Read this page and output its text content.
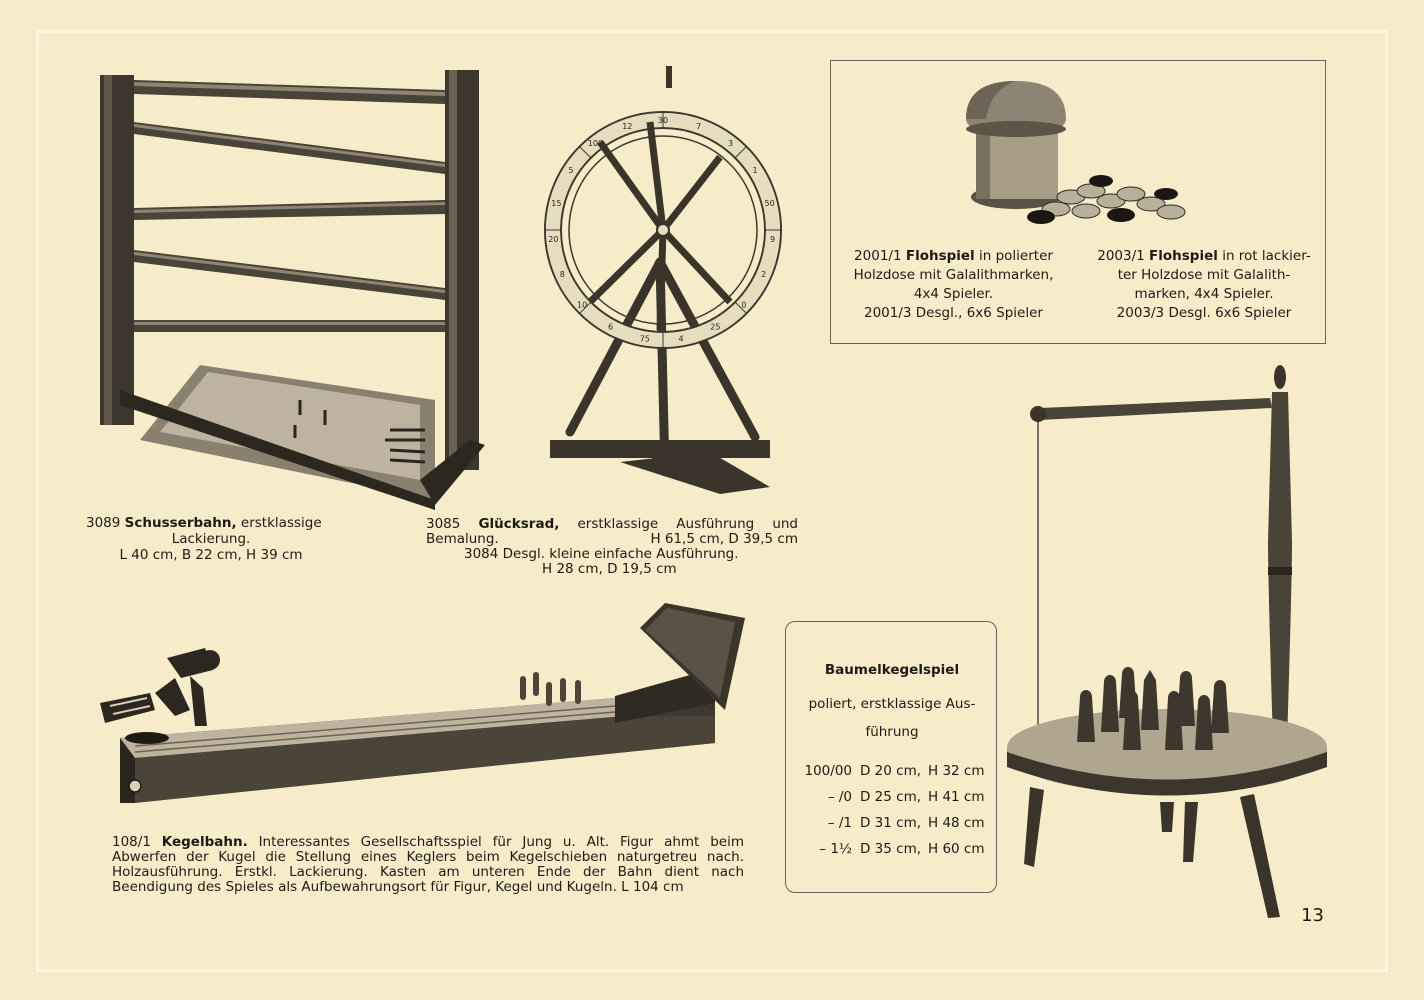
3089 Schusserbahn, erstklassige
Lackierung.
L 40 cm, B 22 cm, H 39 cm
30
7
3
1
50
9
2
0
25
4
75
6
10
8
20
15
5
100
12
3085 Glücksrad, erstklassige Ausführung und
Bemalung.	H 61,5 cm, D 39,5 cm
3084 Desgl. kleine einfache Ausführung.
H 28 cm, D 19,5 cm
2001/1 Flohspiel in polierter
Holzdose mit Galalithmarken,
4x4 Spieler.
2001/3 Desgl., 6x6 Spieler
2003/1 Flohspiel in rot lackier-
ter Holzdose mit Galalith-
marken, 4x4 Spieler.
2003/3 Desgl. 6x6 Spieler
108/1 Kegelbahn. Interessantes Gesellschaftsspiel für Jung u. Alt. Figur ahmt beim
Abwerfen der Kugel die Stellung eines Keglers beim Kegelschieben naturgetreu nach.
Holzausführung. Erstkl. Lackierung. Kasten am unteren Ende der Bahn dient nach
Beendigung des Spieles als Aufbewahrungsort für Figur, Kegel und Kugeln. L 104 cm
Baumelkegelspiel
poliert, erstklassige Aus-
führung
100/00 D 20 cm, H 32 cm
– /0 D 25 cm, H 41 cm
– /1 D 31 cm, H 48 cm
– 1½ D 35 cm, H 60 cm
13
